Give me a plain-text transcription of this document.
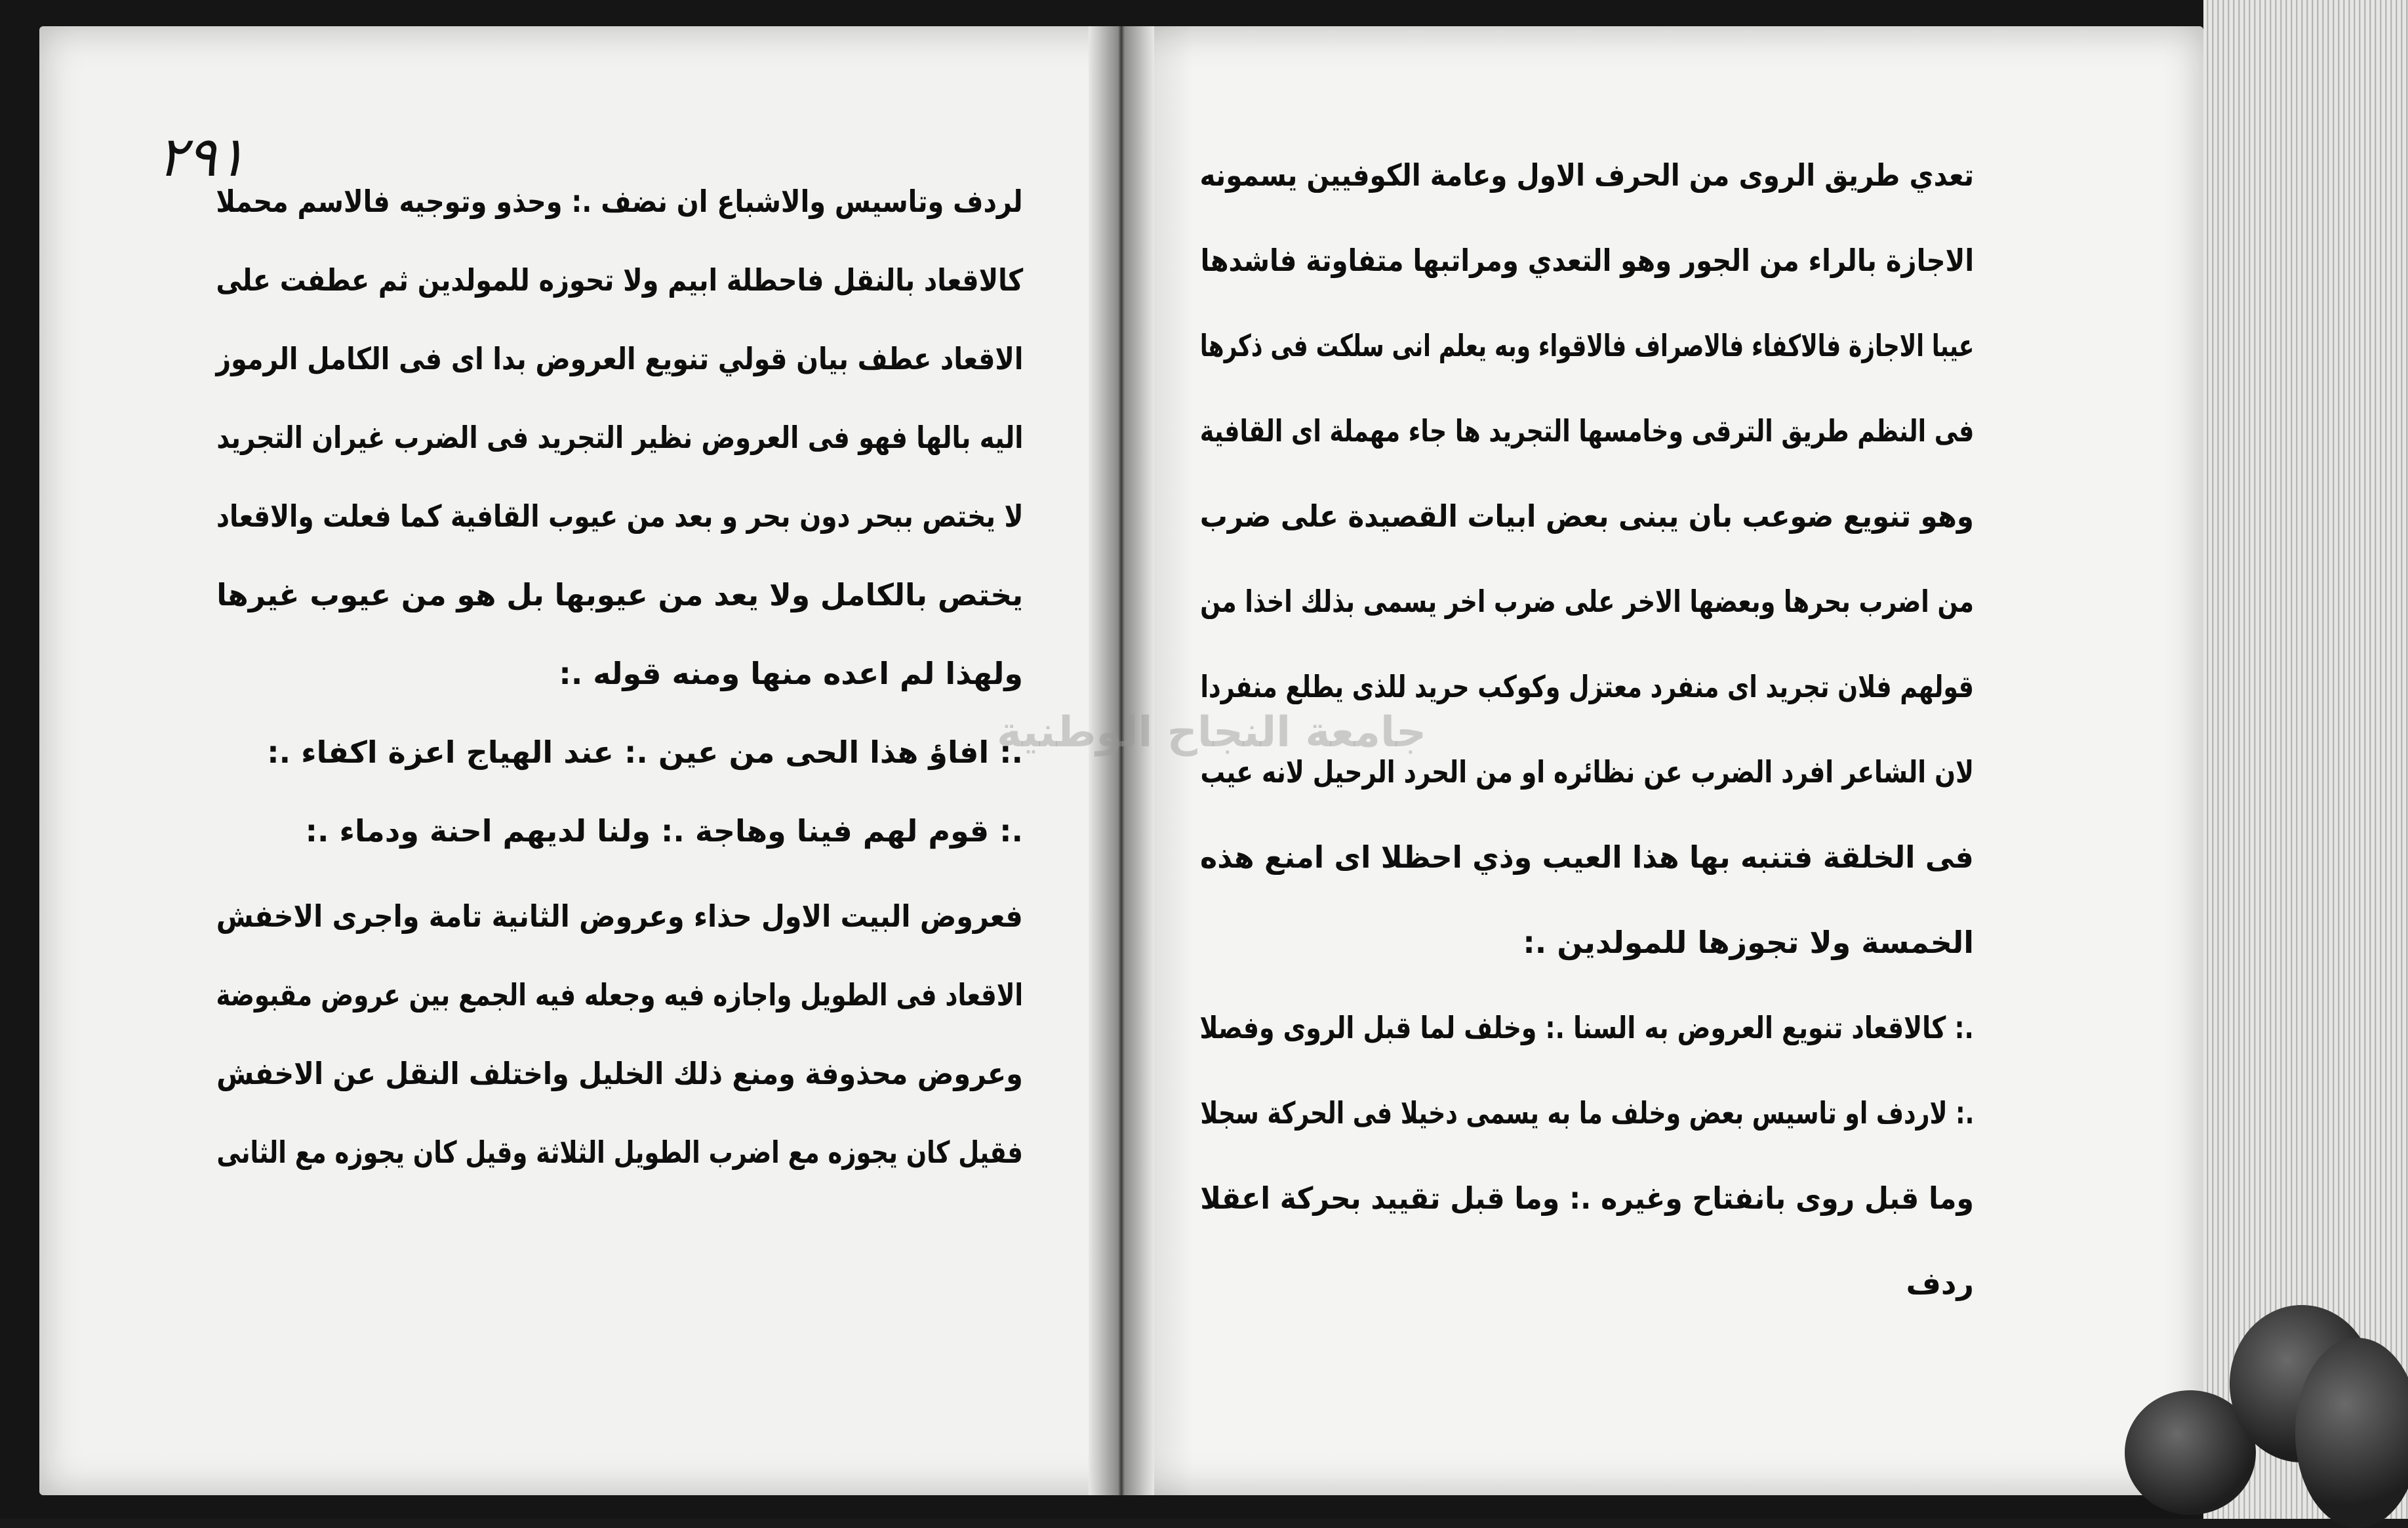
٢٩١
لردف وتاسيس والاشباع ان نضف .: وحذو وتوجيه فالاسم محملا
كالاقعاد بالنقل فاحطلة ابيم ولا تحوزه للمولدين ثم عطفت على
الاقعاد عطف بيان قولي تنويع العروض بدا اى فى الكامل الرموز
اليه بالها فهو فى العروض نظير التجريد فى الضرب غيران التجريد
لا يختص ببحر دون بحر و بعد من عيوب القافية كما فعلت والاقعاد
يختص بالكامل ولا يعد من عيوبها بل هو من عيوب غيرها
ولهذا لم اعده منها ومنه قوله .:
.: افاؤ هذا الحى من عين .: عند الهياج اعزة اكفاء .:
.: قوم لهم فينا وهاجة .: ولنا لديهم احنة ودماء .:
فعروض البيت الاول حذاء وعروض الثانية تامة واجرى الاخفش
الاقعاد فى الطويل واجازه فيه وجعله فيه الجمع بين عروض مقبوضة
وعروض محذوفة ومنع ذلك الخليل واختلف النقل عن الاخفش
فقيل كان يجوزه مع اضرب الطويل الثلاثة وقيل كان يجوزه مع الثانى
تعدي طريق الروى من الحرف الاول وعامة الكوفيين يسمونه
الاجازة بالراء من الجور وهو التعدي ومراتبها متفاوتة فاشدها
عيبا الاجازة فالاكفاء فالاصراف فالاقواء وبه يعلم انى سلكت فى ذكرها
فى النظم طريق الترقى وخامسها التجريد ها جاء مهملة اى القافية
وهو تنويع ضوعب بان يبنى بعض ابيات القصيدة على ضرب
من اضرب بحرها وبعضها الاخر على ضرب اخر يسمى بذلك اخذا من
قولهم فلان تجريد اى منفرد معتزل وكوكب حريد للذى يطلع منفردا
لان الشاعر افرد الضرب عن نظائره او من الحرد الرحيل لانه عيب
فى الخلقة فتنبه بها هذا العيب وذي احظلا اى امنع هذه
الخمسة ولا تجوزها للمولدين .:
.: كالاقعاد تنويع العروض به السنا .: وخلف لما قبل الروى وفصلا
.: لاردف او تاسيس بعض وخلف ما به يسمى دخيلا فى الحركة سجلا
وما قبل روى بانفتاح وغيره .: وما قبل تقييد بحركة اعقلا
ردف
جامعة النجاح الوطنية
